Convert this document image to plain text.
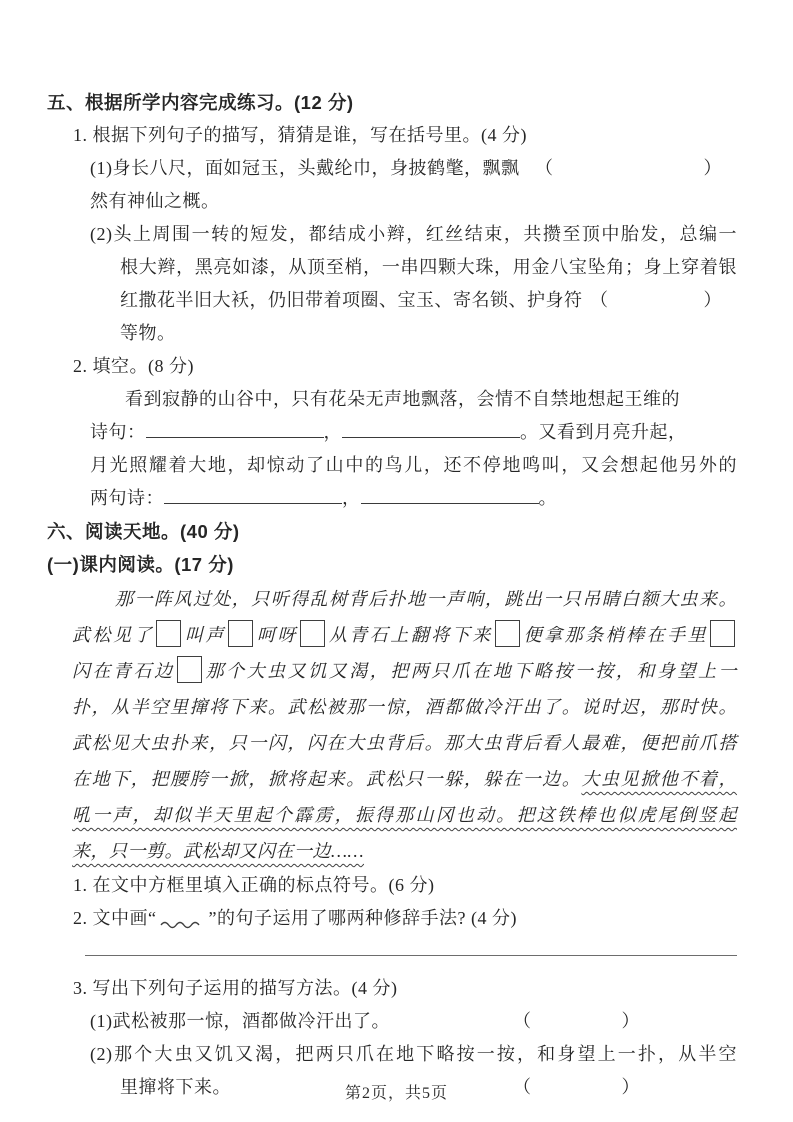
五、根据所学内容完成练习。(12 分)
1. 根据下列句子的描写，猜猜是谁，写在括号里。(4 分)
(1)身长八尺，面如冠玉，头戴纶巾，身披鹤氅，飘飘然有神仙之概。
（	）
(2)头上周围一转的短发，都结成小辫，红丝结束，共攒至顶中胎发，总编一
根大辫，黑亮如漆，从顶至梢，一串四颗大珠，用金八宝坠角；身上穿着银
红撒花半旧大袄，仍旧带着项圈、宝玉、寄名锁、护身符等物。
（	）
2. 填空。(8 分)
看到寂静的山谷中，只有花朵无声地飘落，会情不自禁地想起王维的
诗句：	，	。又看到月亮升起，
月光照耀着大地，却惊动了山中的鸟儿，还不停地鸣叫，又会想起他另外的
两句诗：	，	。
六、阅读天地。(40 分)
(一)课内阅读。(17 分)
那一阵风过处，只听得乱树背后扑地一声响，跳出一只吊睛白额大虫来。
武松见了 叫声 呵呀 从青石上翻将下来 便拿那条梢棒在手里
闪在青石边 那个大虫又饥又渴，把两只爪在地下略按一按，和身望上一
扑，从半空里撺将下来。武松被那一惊，酒都做冷汗出了。说时迟，那时快。
武松见大虫扑来，只一闪，闪在大虫背后。那大虫背后看人最难，便把前爪搭
在地下，把腰胯一掀，掀将起来。武松只一躲，躲在一边。大虫见掀他不着，
吼一声，却似半天里起个霹雳，振得那山冈也动。把这铁棒也似虎尾倒竖起
来，只一剪。武松却又闪在一边……
1. 在文中方框里填入正确的标点符号。(6 分)
2. 文中画“	”的句子运用了哪两种修辞手法? (4 分)
3. 写出下列句子运用的描写方法。(4 分)
(1)武松被那一惊，酒都做冷汗出了。	（	）
(2)那个大虫又饥又渴，把两只爪在地下略按一按，和身望上一扑，从半空
里撺将下来。	（	）
第2页，共5页
